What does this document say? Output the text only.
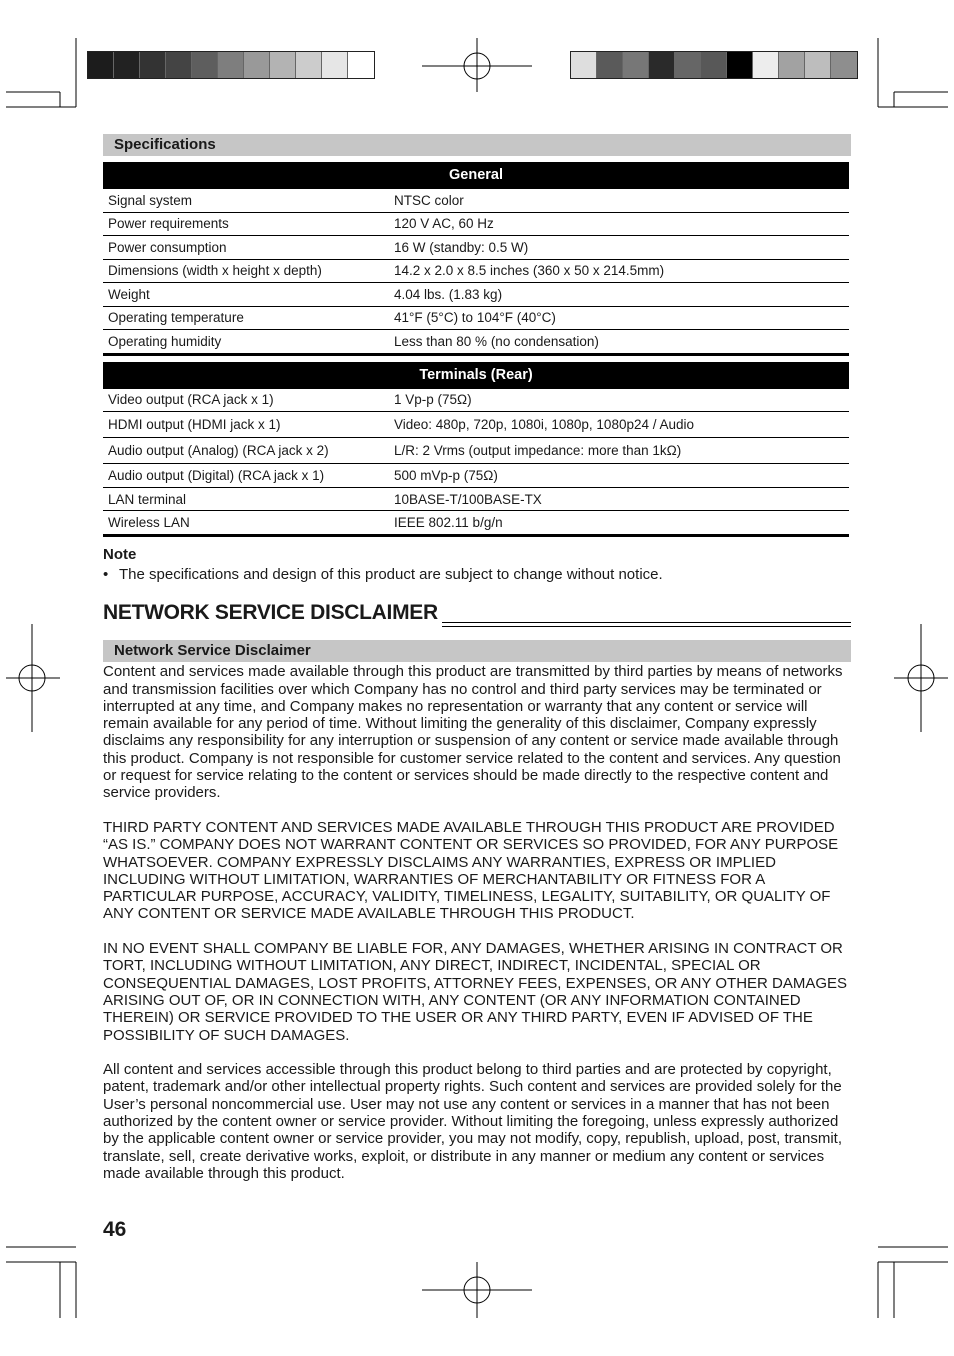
Specifications
General	
Signal system	NTSC color
Power requirements	120 V AC, 60 Hz
Power consumption	16 W (standby: 0.5 W)
Dimensions (width x height x depth)	14.2 x 2.0 x 8.5 inches (360 x 50 x 214.5mm)
Weight	4.04 lbs. (1.83 kg)
Operating temperature	41°F (5°C) to 104°F (40°C)
Operating humidity	Less than 80 % (no condensation)
Terminals (Rear)	
Video output (RCA jack x 1)	1 Vp-p (75Ω)
HDMI output (HDMI jack x 1)	Video: 480p, 720p, 1080i, 1080p, 1080p24 / Audio
Audio output (Analog) (RCA jack x 2)	L/R: 2 Vrms (output impedance: more than 1kΩ)
Audio output (Digital) (RCA jack x 1)	500 mVp-p (75Ω)
LAN terminal	10BASE-T/100BASE-TX
Wireless LAN	IEEE 802.11 b/g/n
Note
• The specifications and design of this product are subject to change without notice.
NETWORK SERVICE DISCLAIMER
Network Service Disclaimer

Content and services made available through this product are transmitted by third parties by means of networks and transmission facilities over which Company has no control and third party services may be terminated or interrupted at any time, and Company makes no representation or warranty that any content or service will remain available for any period of time. Without limiting the generality of this disclaimer, Company expressly disclaims any responsibility for any interruption or suspension of any content or service made available through this product. Company is not responsible for customer service related to the content and services. Any question or request for service relating to the content or services should be made directly to the respective content and service providers.

THIRD PARTY CONTENT AND SERVICES MADE AVAILABLE THROUGH THIS PRODUCT ARE PROVIDED “AS IS.” COMPANY DOES NOT WARRANT CONTENT OR SERVICES SO PROVIDED, FOR ANY PURPOSE WHATSOEVER. COMPANY EXPRESSLY DISCLAIMS ANY WARRANTIES, EXPRESS OR IMPLIED INCLUDING WITHOUT LIMITATION, WARRANTIES OF MERCHANTABILITY OR FITNESS FOR A PARTICULAR PURPOSE, ACCURACY, VALIDITY, TIMELINESS, LEGALITY, SUITABILITY, OR QUALITY OF ANY CONTENT OR SERVICE MADE AVAILABLE THROUGH THIS PRODUCT.

IN NO EVENT SHALL COMPANY BE LIABLE FOR, ANY DAMAGES, WHETHER ARISING IN CONTRACT OR TORT, INCLUDING WITHOUT LIMITATION, ANY DIRECT, INDIRECT, INCIDENTAL, SPECIAL OR CONSEQUENTIAL DAMAGES, LOST PROFITS, ATTORNEY FEES, EXPENSES, OR ANY OTHER DAMAGES ARISING OUT OF, OR IN CONNECTION WITH, ANY CONTENT (OR ANY INFORMATION CONTAINED THEREIN) OR SERVICE PROVIDED TO THE USER OR ANY THIRD PARTY, EVEN IF ADVISED OF THE POSSIBILITY OF SUCH DAMAGES.

All content and services accessible through this product belong to third parties and are protected by copyright, patent, trademark and/or other intellectual property rights. Such content and services are provided solely for the User’s personal noncommercial use. User may not use any content or services in a manner that has not been authorized by the content owner or service provider. Without limiting the foregoing, unless expressly authorized by the applicable content owner or service provider, you may not modify, copy, republish, upload, post, transmit, translate, sell, create derivative works, exploit, or distribute in any manner or medium any content or services made available through this product.

46
